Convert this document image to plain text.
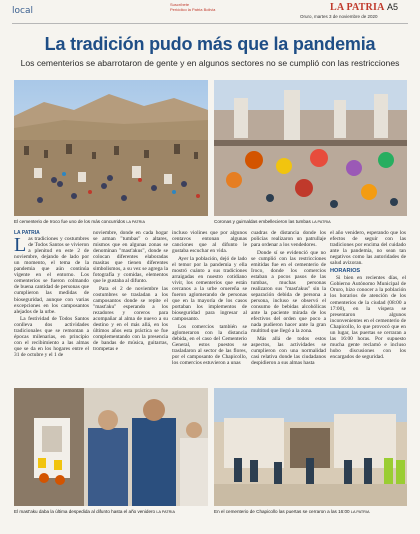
local
Suscríbete
Periódico la Patria Bolivia	LA PATRIA A5
Oruro, martes 3 de noviembre de 2020
La tradición pudo más que la pandemia
Los cementerios se abarrotaron de gente y en algunos sectores no se cumplió con las restricciones
El cementerio de Iroco fue uno de los más concurridos LA PATRIA	Coronas y guirnaldas embellecieron las tumbas LA PATRIA
LA PATRIA

Las tradiciones y costumbres de Todos Santos se vivieron a plenitud en este 2 de noviembre, dejando de lado por un momento, el tema de la pandemia que aún continúa vigente en el entorno. Los cementerios se fueron colmando de buena cantidad de personas que cumplieron las medidas de bioseguridad, aunque con varias excepciones en los camposantos alejados de la urbe.

La festividad de Todos Santos conlleva dos actividades tradicionales que se remontan a épocas milenarias, en principio con el recibimiento a las almas que se da en los hogares entre el 31 de octubre y el 1 de

noviembre, donde en cada hogar se arman "tumbas" o altares, mismos que en algunas zonas se denominan "mast'akus", donde se colocan diferentes elaboradas masitas que tienen diferentes simbolismos, a su vez se agrega la fotografía y comidas, elementos que le gustaba al difunto.

Para el 2 de noviembre las costumbres se trasladan a los camposantos donde se repite el "mast'aku" esperando a los rezadores y coreros para acompañar al alma de nuevo a su destino y en el más allá, en los últimos años esta práctica se fue complementando con la presencia de bandas de música, guitarras, trompetas e

incluso violines que por algunos centavos entonan algunas canciones que al difunto le gustaba escuchar en vida.

Ayer la población, dejó de lado el temor por la pandemia y ella mostró cuánto a sus tradiciones arraigadas en nuestro cotidiano vivir, los cementerios que están cercanos a la urbe oruereña se fueron aglomerando de personas que en la mayoría de los casos portaban los implementos de bioseguridad para ingresar al camposanto.

Los comercios también se aglomeraron con la distancia debida, en el caso del Cementerio General, estos puestos se trasladaron al sector de las flores, por el camposanto de Chapicollo, los comercios estuvieron a unas

cuadras de distancia donde los policías realizaron un patrullaje para ordenar a los vendedores.

Donde sí se evidenció que no se cumplió con las restricciones emitidas fue en el cementerio de Iroco, donde los comercios estaban a pocos pasos de las tumbas, muchas personas realizaron sus "mast'akus" sin la separación debida de persona a persona, incluso se observó el consumo de bebidas alcohólicas ante la paciente mirada de los efectivos del orden que poco a nada pudieron hacer ante la gran multitud que llegó a la zona.

Más allá de todos estos aspectos, las actividades se cumplieron con una normalidad casi relativa donde las ciudadanos despidieron a sus almas hasta

el año venidero, esperando que los efectos de seguir con las tradiciones por encima del cuidado ante la pandemia, no sean tan negativos como las autoridades de salud avizoran.

HORARIOS

Si bien en recientes días, el Gobierno Autónomo Municipal de Oruro, hizo conocer a la población los horarios de atención de los cementerios de la ciudad (08:00 a 17:00), en la víspera se presentaron algunos inconvenientes en el cementerio de Chapicollo, lo que provocó que en un lugar, las puertas se cerraran a las 16:00 horas. Por supuesto mucha gente reclamó e incluso hubo discusiones con los encargados de seguridad.

El mast'aku daba la última despedida al difunto hasta el año venidero LA PATRIA	En el cementerio de Chapicollo las puertas se cerraron a las 16:00 LA PATRIA
